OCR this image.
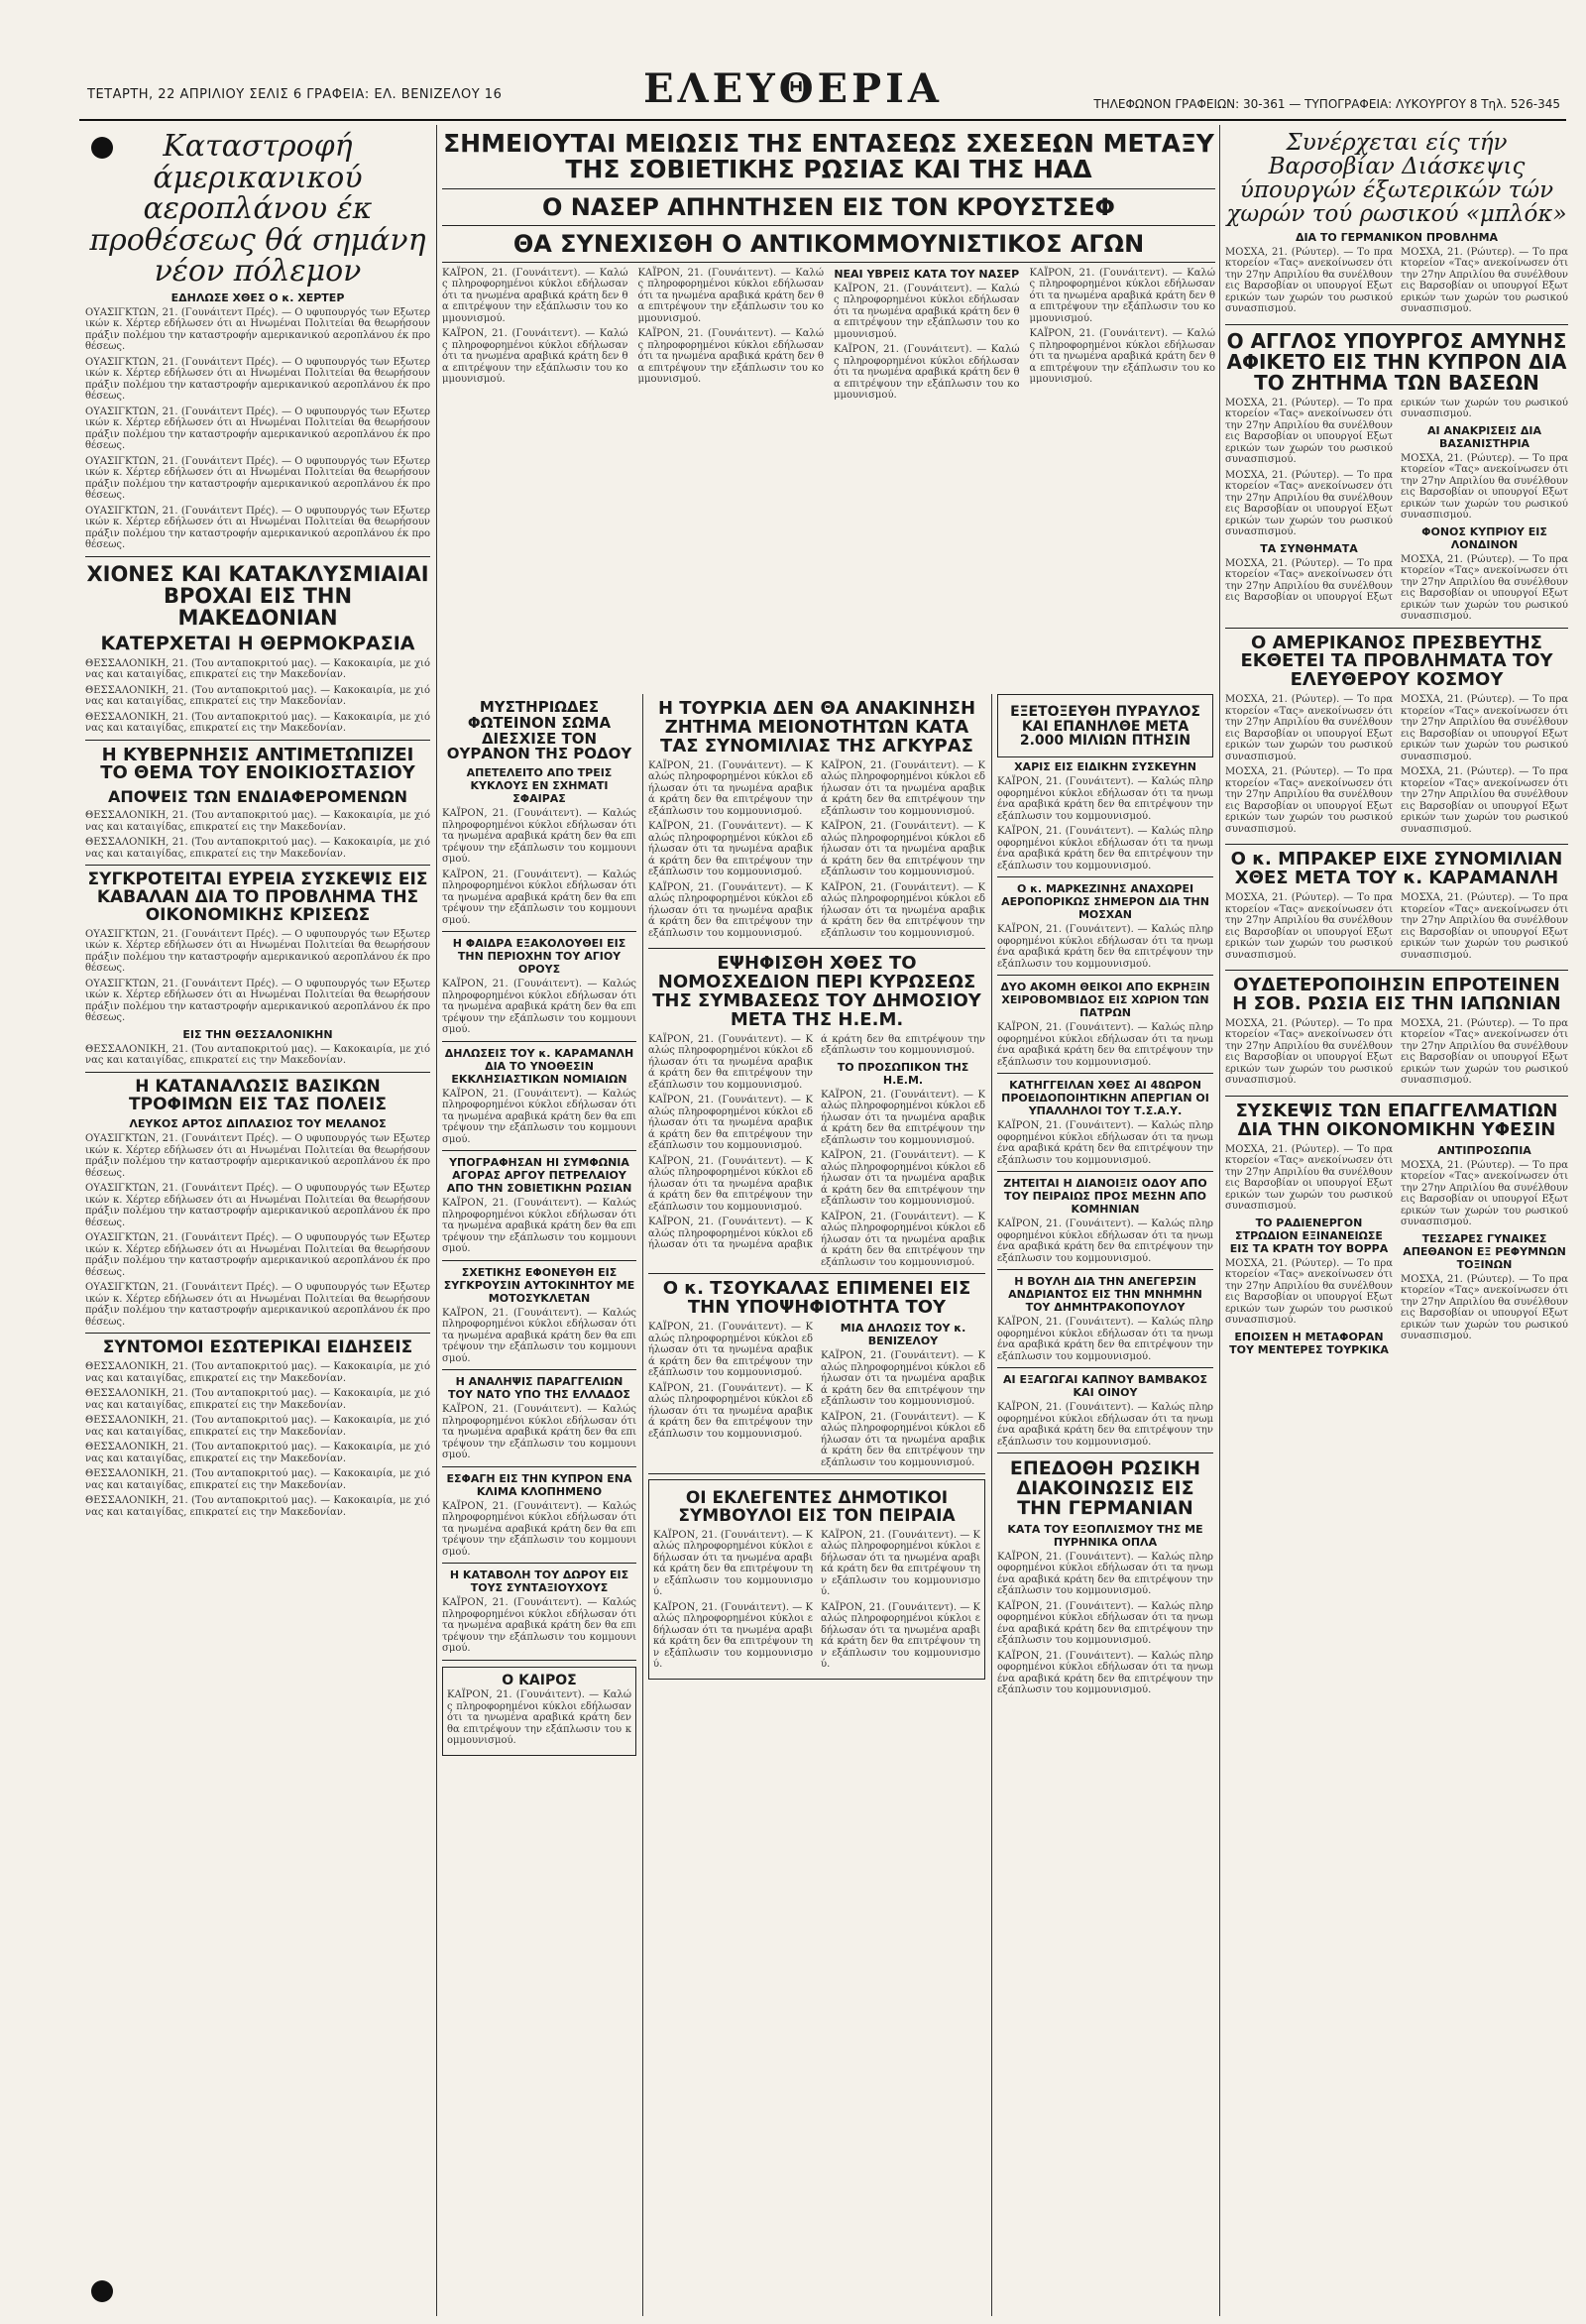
ΤΕΤΑΡΤΗ, 22 ΑΠΡΙΛΙΟΥ ΣΕΛΙΣ 6 ΓΡΑΦΕΙΑ: ΕΛ. ΒΕΝΙΖΕΛΟΥ 16	ΕΛΕΥΘΕΡΙΑ	ΤΗΛΕΦΩΝΟΝ ΓΡΑΦΕΙΩΝ: 30-361 — ΤΥΠΟΓΡΑΦΕΙΑ: ΛΥΚΟΥΡΓΟΥ 8 Τηλ. 526-345
Καταστροφή άμερικανικού αεροπλάνου έκ προθέσεως θά σημάνη νέον πόλεμον
ΕΔΗΛΩΣΕ ΧΘΕΣ Ο κ. ΧΕΡΤΕΡ

ΟΥΑΣΙΓΚΤΩΝ, 21. (Γουνάιτεντ Πρές). — Ο υφυπουργός των Εξωτερικών κ. Χέρτερ εδήλωσεν ότι αι Ηνωμέναι Πολιτείαι θα θεωρήσουν πράξιν πολέμου την καταστροφήν αμερικανικού αεροπλάνου έκ προθέσεως.

ΟΥΑΣΙΓΚΤΩΝ, 21. (Γουνάιτεντ Πρές). — Ο υφυπουργός των Εξωτερικών κ. Χέρτερ εδήλωσεν ότι αι Ηνωμέναι Πολιτείαι θα θεωρήσουν πράξιν πολέμου την καταστροφήν αμερικανικού αεροπλάνου έκ προθέσεως.

ΟΥΑΣΙΓΚΤΩΝ, 21. (Γουνάιτεντ Πρές). — Ο υφυπουργός των Εξωτερικών κ. Χέρτερ εδήλωσεν ότι αι Ηνωμέναι Πολιτείαι θα θεωρήσουν πράξιν πολέμου την καταστροφήν αμερικανικού αεροπλάνου έκ προθέσεως.

ΟΥΑΣΙΓΚΤΩΝ, 21. (Γουνάιτεντ Πρές). — Ο υφυπουργός των Εξωτερικών κ. Χέρτερ εδήλωσεν ότι αι Ηνωμέναι Πολιτείαι θα θεωρήσουν πράξιν πολέμου την καταστροφήν αμερικανικού αεροπλάνου έκ προθέσεως.

ΟΥΑΣΙΓΚΤΩΝ, 21. (Γουνάιτεντ Πρές). — Ο υφυπουργός των Εξωτερικών κ. Χέρτερ εδήλωσεν ότι αι Ηνωμέναι Πολιτείαι θα θεωρήσουν πράξιν πολέμου την καταστροφήν αμερικανικού αεροπλάνου έκ προθέσεως.

ΧΙΟΝΕΣ ΚΑΙ ΚΑΤΑΚΛΥΣΜΙΑΙΑΙ ΒΡΟΧΑΙ ΕΙΣ ΤΗΝ ΜΑΚΕΔΟΝΙΑΝ
ΚΑΤΕΡΧΕΤΑΙ Η ΘΕΡΜΟΚΡΑΣΙΑ

ΘΕΣΣΑΛΟΝΙΚΗ, 21. (Του ανταποκριτού μας). — Κακοκαιρία, με χιόνας και καταιγίδας, επικρατεί εις την Μακεδονίαν.

ΘΕΣΣΑΛΟΝΙΚΗ, 21. (Του ανταποκριτού μας). — Κακοκαιρία, με χιόνας και καταιγίδας, επικρατεί εις την Μακεδονίαν.

ΘΕΣΣΑΛΟΝΙΚΗ, 21. (Του ανταποκριτού μας). — Κακοκαιρία, με χιόνας και καταιγίδας, επικρατεί εις την Μακεδονίαν.

Η ΚΥΒΕΡΝΗΣΙΣ ΑΝΤΙΜΕΤΩΠΙΖΕΙ ΤΟ ΘΕΜΑ ΤΟΥ ΕΝΟΙΚΙΟΣΤΑΣΙΟΥ
ΑΠΟΨΕΙΣ ΤΩΝ ΕΝΔΙΑΦΕΡΟΜΕΝΩΝ

ΘΕΣΣΑΛΟΝΙΚΗ, 21. (Του ανταποκριτού μας). — Κακοκαιρία, με χιόνας και καταιγίδας, επικρατεί εις την Μακεδονίαν.

ΘΕΣΣΑΛΟΝΙΚΗ, 21. (Του ανταποκριτού μας). — Κακοκαιρία, με χιόνας και καταιγίδας, επικρατεί εις την Μακεδονίαν.

ΣΥΓΚΡΟΤΕΙΤΑΙ ΕΥΡΕΙΑ ΣΥΣΚΕΨΙΣ ΕΙΣ ΚΑΒΑΛΑΝ ΔΙΑ ΤΟ ΠΡΟΒΛΗΜΑ ΤΗΣ ΟΙΚΟΝΟΜΙΚΗΣ ΚΡΙΣΕΩΣ

ΟΥΑΣΙΓΚΤΩΝ, 21. (Γουνάιτεντ Πρές). — Ο υφυπουργός των Εξωτερικών κ. Χέρτερ εδήλωσεν ότι αι Ηνωμέναι Πολιτείαι θα θεωρήσουν πράξιν πολέμου την καταστροφήν αμερικανικού αεροπλάνου έκ προθέσεως.

ΟΥΑΣΙΓΚΤΩΝ, 21. (Γουνάιτεντ Πρές). — Ο υφυπουργός των Εξωτερικών κ. Χέρτερ εδήλωσεν ότι αι Ηνωμέναι Πολιτείαι θα θεωρήσουν πράξιν πολέμου την καταστροφήν αμερικανικού αεροπλάνου έκ προθέσεως.

ΕΙΣ ΤΗΝ ΘΕΣΣΑΛΟΝΙΚΗΝ

ΘΕΣΣΑΛΟΝΙΚΗ, 21. (Του ανταποκριτού μας). — Κακοκαιρία, με χιόνας και καταιγίδας, επικρατεί εις την Μακεδονίαν.

Η ΚΑΤΑΝΑΛΩΣΙΣ ΒΑΣΙΚΩΝ ΤΡΟΦΙΜΩΝ ΕΙΣ ΤΑΣ ΠΟΛΕΙΣ
ΛΕΥΚΟΣ ΑΡΤΟΣ ΔΙΠΛΑΣΙΟΣ ΤΟΥ ΜΕΛΑΝΟΣ

ΟΥΑΣΙΓΚΤΩΝ, 21. (Γουνάιτεντ Πρές). — Ο υφυπουργός των Εξωτερικών κ. Χέρτερ εδήλωσεν ότι αι Ηνωμέναι Πολιτείαι θα θεωρήσουν πράξιν πολέμου την καταστροφήν αμερικανικού αεροπλάνου έκ προθέσεως.

ΟΥΑΣΙΓΚΤΩΝ, 21. (Γουνάιτεντ Πρές). — Ο υφυπουργός των Εξωτερικών κ. Χέρτερ εδήλωσεν ότι αι Ηνωμέναι Πολιτείαι θα θεωρήσουν πράξιν πολέμου την καταστροφήν αμερικανικού αεροπλάνου έκ προθέσεως.

ΟΥΑΣΙΓΚΤΩΝ, 21. (Γουνάιτεντ Πρές). — Ο υφυπουργός των Εξωτερικών κ. Χέρτερ εδήλωσεν ότι αι Ηνωμέναι Πολιτείαι θα θεωρήσουν πράξιν πολέμου την καταστροφήν αμερικανικού αεροπλάνου έκ προθέσεως.

ΟΥΑΣΙΓΚΤΩΝ, 21. (Γουνάιτεντ Πρές). — Ο υφυπουργός των Εξωτερικών κ. Χέρτερ εδήλωσεν ότι αι Ηνωμέναι Πολιτείαι θα θεωρήσουν πράξιν πολέμου την καταστροφήν αμερικανικού αεροπλάνου έκ προθέσεως.

ΣΥΝΤΟΜΟΙ ΕΣΩΤΕΡΙΚΑΙ ΕΙΔΗΣΕΙΣ

ΘΕΣΣΑΛΟΝΙΚΗ, 21. (Του ανταποκριτού μας). — Κακοκαιρία, με χιόνας και καταιγίδας, επικρατεί εις την Μακεδονίαν.

ΘΕΣΣΑΛΟΝΙΚΗ, 21. (Του ανταποκριτού μας). — Κακοκαιρία, με χιόνας και καταιγίδας, επικρατεί εις την Μακεδονίαν.

ΘΕΣΣΑΛΟΝΙΚΗ, 21. (Του ανταποκριτού μας). — Κακοκαιρία, με χιόνας και καταιγίδας, επικρατεί εις την Μακεδονίαν.

ΘΕΣΣΑΛΟΝΙΚΗ, 21. (Του ανταποκριτού μας). — Κακοκαιρία, με χιόνας και καταιγίδας, επικρατεί εις την Μακεδονίαν.

ΘΕΣΣΑΛΟΝΙΚΗ, 21. (Του ανταποκριτού μας). — Κακοκαιρία, με χιόνας και καταιγίδας, επικρατεί εις την Μακεδονίαν.

ΘΕΣΣΑΛΟΝΙΚΗ, 21. (Του ανταποκριτού μας). — Κακοκαιρία, με χιόνας και καταιγίδας, επικρατεί εις την Μακεδονίαν.

ΣΗΜΕΙΟΥΤΑΙ ΜΕΙΩΣΙΣ ΤΗΣ ΕΝΤΑΣΕΩΣ ΣΧΕΣΕΩΝ ΜΕΤΑΞΥ ΤΗΣ ΣΟΒΙΕΤΙΚΗΣ ΡΩΣΙΑΣ ΚΑΙ ΤΗΣ ΗΑΔ
Ο ΝΑΣΕΡ ΑΠΗΝΤΗΣΕΝ ΕΙΣ ΤΟΝ ΚΡΟΥΣΤΣΕΦ
ΘΑ ΣΥΝΕΧΙΣΘΗ Ο ΑΝΤΙΚΟΜΜΟΥΝΙΣΤΙΚΟΣ ΑΓΩΝ

ΚΑΪΡΟΝ, 21. (Γουνάιτεντ). — Καλώς πληροφορημένοι κύκλοι εδήλωσαν ότι τα ηνωμένα αραβικά κράτη δεν θα επιτρέψουν την εξάπλωσιν του κομμουνισμού.

ΚΑΪΡΟΝ, 21. (Γουνάιτεντ). — Καλώς πληροφορημένοι κύκλοι εδήλωσαν ότι τα ηνωμένα αραβικά κράτη δεν θα επιτρέψουν την εξάπλωσιν του κομμουνισμού.

ΚΑΪΡΟΝ, 21. (Γουνάιτεντ). — Καλώς πληροφορημένοι κύκλοι εδήλωσαν ότι τα ηνωμένα αραβικά κράτη δεν θα επιτρέψουν την εξάπλωσιν του κομμουνισμού.

ΚΑΪΡΟΝ, 21. (Γουνάιτεντ). — Καλώς πληροφορημένοι κύκλοι εδήλωσαν ότι τα ηνωμένα αραβικά κράτη δεν θα επιτρέψουν την εξάπλωσιν του κομμουνισμού.

ΝΕΑΙ ΥΒΡΕΙΣ ΚΑΤΑ ΤΟΥ ΝΑΣΕΡ

ΚΑΪΡΟΝ, 21. (Γουνάιτεντ). — Καλώς πληροφορημένοι κύκλοι εδήλωσαν ότι τα ηνωμένα αραβικά κράτη δεν θα επιτρέψουν την εξάπλωσιν του κομμουνισμού.

ΚΑΪΡΟΝ, 21. (Γουνάιτεντ). — Καλώς πληροφορημένοι κύκλοι εδήλωσαν ότι τα ηνωμένα αραβικά κράτη δεν θα επιτρέψουν την εξάπλωσιν του κομμουνισμού.

ΚΑΪΡΟΝ, 21. (Γουνάιτεντ). — Καλώς πληροφορημένοι κύκλοι εδήλωσαν ότι τα ηνωμένα αραβικά κράτη δεν θα επιτρέψουν την εξάπλωσιν του κομμουνισμού.

ΚΑΪΡΟΝ, 21. (Γουνάιτεντ). — Καλώς πληροφορημένοι κύκλοι εδήλωσαν ότι τα ηνωμένα αραβικά κράτη δεν θα επιτρέψουν την εξάπλωσιν του κομμουνισμού.

ΜΥΣΤΗΡΙΩΔΕΣ ΦΩΤΕΙΝΟΝ ΣΩΜΑ ΔΙΕΣΧΙΣΕ ΤΟΝ ΟΥΡΑΝΟΝ ΤΗΣ ΡΟΔΟΥ
ΑΠΕΤΕΛΕΙΤΟ ΑΠΟ ΤΡΕΙΣ ΚΥΚΛΟΥΣ ΕΝ ΣΧΗΜΑΤΙ ΣΦΑΙΡΑΣ

ΚΑΪΡΟΝ, 21. (Γουνάιτεντ). — Καλώς πληροφορημένοι κύκλοι εδήλωσαν ότι τα ηνωμένα αραβικά κράτη δεν θα επιτρέψουν την εξάπλωσιν του κομμουνισμού.

ΚΑΪΡΟΝ, 21. (Γουνάιτεντ). — Καλώς πληροφορημένοι κύκλοι εδήλωσαν ότι τα ηνωμένα αραβικά κράτη δεν θα επιτρέψουν την εξάπλωσιν του κομμουνισμού.

Η ΦΑΙΔΡΑ ΕΞΑΚΟΛΟΥΘΕΙ ΕΙΣ ΤΗΝ ΠΕΡΙΟΧΗΝ ΤΟΥ ΑΓΙΟΥ ΟΡΟΥΣ

ΚΑΪΡΟΝ, 21. (Γουνάιτεντ). — Καλώς πληροφορημένοι κύκλοι εδήλωσαν ότι τα ηνωμένα αραβικά κράτη δεν θα επιτρέψουν την εξάπλωσιν του κομμουνισμού.

ΔΗΛΩΣΕΙΣ ΤΟΥ κ. ΚΑΡΑΜΑΝΛΗ ΔΙΑ ΤΟ ΥΝΟΘΕΣΙΝ ΕΚΚΛΗΣΙΑΣΤΙΚΩΝ ΝΟΜΙΑΙΩΝ

ΚΑΪΡΟΝ, 21. (Γουνάιτεντ). — Καλώς πληροφορημένοι κύκλοι εδήλωσαν ότι τα ηνωμένα αραβικά κράτη δεν θα επιτρέψουν την εξάπλωσιν του κομμουνισμού.

ΥΠΟΓΡΑΦΗΣΑΝ ΗΙ ΣΥΜΦΩΝΙΑ ΑΓΟΡΑΣ ΑΡΓΟΥ ΠΕΤΡΕΛΑΙΟΥ ΑΠΟ ΤΗΝ ΣΟΒΙΕΤΙΚΗΝ ΡΩΣΙΑΝ

ΚΑΪΡΟΝ, 21. (Γουνάιτεντ). — Καλώς πληροφορημένοι κύκλοι εδήλωσαν ότι τα ηνωμένα αραβικά κράτη δεν θα επιτρέψουν την εξάπλωσιν του κομμουνισμού.

ΣΧΕΤΙΚΗΣ ΕΦΟΝΕΥΘΗ ΕΙΣ ΣΥΓΚΡΟΥΣΙΝ ΑΥΤΟΚΙΝΗΤΟΥ ΜΕ ΜΟΤΟΣΥΚΛΕΤΑΝ

ΚΑΪΡΟΝ, 21. (Γουνάιτεντ). — Καλώς πληροφορημένοι κύκλοι εδήλωσαν ότι τα ηνωμένα αραβικά κράτη δεν θα επιτρέψουν την εξάπλωσιν του κομμουνισμού.

Η ΑΝΑΛΗΨΙΣ ΠΑΡΑΓΓΕΛΙΩΝ ΤΟΥ ΝΑΤΟ ΥΠΟ ΤΗΣ ΕΛΛΑΔΟΣ

ΚΑΪΡΟΝ, 21. (Γουνάιτεντ). — Καλώς πληροφορημένοι κύκλοι εδήλωσαν ότι τα ηνωμένα αραβικά κράτη δεν θα επιτρέψουν την εξάπλωσιν του κομμουνισμού.

ΕΣΦΑΓΗ ΕΙΣ ΤΗΝ ΚΥΠΡΟΝ ΕΝΑ ΚΛΙΜΑ ΚΛΟΠΗΜΕΝΟ

ΚΑΪΡΟΝ, 21. (Γουνάιτεντ). — Καλώς πληροφορημένοι κύκλοι εδήλωσαν ότι τα ηνωμένα αραβικά κράτη δεν θα επιτρέψουν την εξάπλωσιν του κομμουνισμού.

Η ΚΑΤΑΒΟΛΗ ΤΟΥ ΔΩΡΟΥ ΕΙΣ ΤΟΥΣ ΣΥΝΤΑΞΙΟΥΧΟΥΣ

ΚΑΪΡΟΝ, 21. (Γουνάιτεντ). — Καλώς πληροφορημένοι κύκλοι εδήλωσαν ότι τα ηνωμένα αραβικά κράτη δεν θα επιτρέψουν την εξάπλωσιν του κομμουνισμού.

Ο ΚΑΙΡΟΣ

ΚΑΪΡΟΝ, 21. (Γουνάιτεντ). — Καλώς πληροφορημένοι κύκλοι εδήλωσαν ότι τα ηνωμένα αραβικά κράτη δεν θα επιτρέψουν την εξάπλωσιν του κομμουνισμού.

Η ΤΟΥΡΚΙΑ ΔΕΝ ΘΑ ΑΝΑΚΙΝΗΣΗ ΖΗΤΗΜΑ ΜΕΙΟΝΟΤΗΤΩΝ ΚΑΤΑ ΤΑΣ ΣΥΝΟΜΙΛΙΑΣ ΤΗΣ ΑΓΚΥΡΑΣ

ΚΑΪΡΟΝ, 21. (Γουνάιτεντ). — Καλώς πληροφορημένοι κύκλοι εδήλωσαν ότι τα ηνωμένα αραβικά κράτη δεν θα επιτρέψουν την εξάπλωσιν του κομμουνισμού.

ΚΑΪΡΟΝ, 21. (Γουνάιτεντ). — Καλώς πληροφορημένοι κύκλοι εδήλωσαν ότι τα ηνωμένα αραβικά κράτη δεν θα επιτρέψουν την εξάπλωσιν του κομμουνισμού.

ΚΑΪΡΟΝ, 21. (Γουνάιτεντ). — Καλώς πληροφορημένοι κύκλοι εδήλωσαν ότι τα ηνωμένα αραβικά κράτη δεν θα επιτρέψουν την εξάπλωσιν του κομμουνισμού.

ΚΑΪΡΟΝ, 21. (Γουνάιτεντ). — Καλώς πληροφορημένοι κύκλοι εδήλωσαν ότι τα ηνωμένα αραβικά κράτη δεν θα επιτρέψουν την εξάπλωσιν του κομμουνισμού.

ΚΑΪΡΟΝ, 21. (Γουνάιτεντ). — Καλώς πληροφορημένοι κύκλοι εδήλωσαν ότι τα ηνωμένα αραβικά κράτη δεν θα επιτρέψουν την εξάπλωσιν του κομμουνισμού.

ΚΑΪΡΟΝ, 21. (Γουνάιτεντ). — Καλώς πληροφορημένοι κύκλοι εδήλωσαν ότι τα ηνωμένα αραβικά κράτη δεν θα επιτρέψουν την εξάπλωσιν του κομμουνισμού.

ΕΨΗΦΙΣΘΗ ΧΘΕΣ ΤΟ ΝΟΜΟΣΧΕΔΙΟΝ ΠΕΡΙ ΚΥΡΩΣΕΩΣ ΤΗΣ ΣΥΜΒΑΣΕΩΣ ΤΟΥ ΔΗΜΟΣΙΟΥ ΜΕΤΑ ΤΗΣ Η.Ε.Μ.

ΚΑΪΡΟΝ, 21. (Γουνάιτεντ). — Καλώς πληροφορημένοι κύκλοι εδήλωσαν ότι τα ηνωμένα αραβικά κράτη δεν θα επιτρέψουν την εξάπλωσιν του κομμουνισμού.

ΚΑΪΡΟΝ, 21. (Γουνάιτεντ). — Καλώς πληροφορημένοι κύκλοι εδήλωσαν ότι τα ηνωμένα αραβικά κράτη δεν θα επιτρέψουν την εξάπλωσιν του κομμουνισμού.

ΚΑΪΡΟΝ, 21. (Γουνάιτεντ). — Καλώς πληροφορημένοι κύκλοι εδήλωσαν ότι τα ηνωμένα αραβικά κράτη δεν θα επιτρέψουν την εξάπλωσιν του κομμουνισμού.

ΚΑΪΡΟΝ, 21. (Γουνάιτεντ). — Καλώς πληροφορημένοι κύκλοι εδήλωσαν ότι τα ηνωμένα αραβικά κράτη δεν θα επιτρέψουν την εξάπλωσιν του κομμουνισμού.

ΤΟ ΠΡΟΣΩΠΙΚΟΝ ΤΗΣ Η.Ε.Μ.

ΚΑΪΡΟΝ, 21. (Γουνάιτεντ). — Καλώς πληροφορημένοι κύκλοι εδήλωσαν ότι τα ηνωμένα αραβικά κράτη δεν θα επιτρέψουν την εξάπλωσιν του κομμουνισμού.

ΚΑΪΡΟΝ, 21. (Γουνάιτεντ). — Καλώς πληροφορημένοι κύκλοι εδήλωσαν ότι τα ηνωμένα αραβικά κράτη δεν θα επιτρέψουν την εξάπλωσιν του κομμουνισμού.

ΚΑΪΡΟΝ, 21. (Γουνάιτεντ). — Καλώς πληροφορημένοι κύκλοι εδήλωσαν ότι τα ηνωμένα αραβικά κράτη δεν θα επιτρέψουν την εξάπλωσιν του κομμουνισμού.

Ο κ. ΤΣΟΥΚΑΛΑΣ ΕΠΙΜΕΝΕΙ ΕΙΣ ΤΗΝ ΥΠΟΨΗΦΙΟΤΗΤΑ ΤΟΥ

ΚΑΪΡΟΝ, 21. (Γουνάιτεντ). — Καλώς πληροφορημένοι κύκλοι εδήλωσαν ότι τα ηνωμένα αραβικά κράτη δεν θα επιτρέψουν την εξάπλωσιν του κομμουνισμού.

ΚΑΪΡΟΝ, 21. (Γουνάιτεντ). — Καλώς πληροφορημένοι κύκλοι εδήλωσαν ότι τα ηνωμένα αραβικά κράτη δεν θα επιτρέψουν την εξάπλωσιν του κομμουνισμού.

ΜΙΑ ΔΗΛΩΣΙΣ ΤΟΥ κ. ΒΕΝΙΖΕΛΟΥ

ΚΑΪΡΟΝ, 21. (Γουνάιτεντ). — Καλώς πληροφορημένοι κύκλοι εδήλωσαν ότι τα ηνωμένα αραβικά κράτη δεν θα επιτρέψουν την εξάπλωσιν του κομμουνισμού.

ΚΑΪΡΟΝ, 21. (Γουνάιτεντ). — Καλώς πληροφορημένοι κύκλοι εδήλωσαν ότι τα ηνωμένα αραβικά κράτη δεν θα επιτρέψουν την εξάπλωσιν του κομμουνισμού.

ΟΙ ΕΚΛΕΓΕΝΤΕΣ ΔΗΜΟΤΙΚΟΙ ΣΥΜΒΟΥΛΟΙ ΕΙΣ ΤΟΝ ΠΕΙΡΑΙΑ

ΚΑΪΡΟΝ, 21. (Γουνάιτεντ). — Καλώς πληροφορημένοι κύκλοι εδήλωσαν ότι τα ηνωμένα αραβικά κράτη δεν θα επιτρέψουν την εξάπλωσιν του κομμουνισμού.

ΚΑΪΡΟΝ, 21. (Γουνάιτεντ). — Καλώς πληροφορημένοι κύκλοι εδήλωσαν ότι τα ηνωμένα αραβικά κράτη δεν θα επιτρέψουν την εξάπλωσιν του κομμουνισμού.

ΚΑΪΡΟΝ, 21. (Γουνάιτεντ). — Καλώς πληροφορημένοι κύκλοι εδήλωσαν ότι τα ηνωμένα αραβικά κράτη δεν θα επιτρέψουν την εξάπλωσιν του κομμουνισμού.

ΚΑΪΡΟΝ, 21. (Γουνάιτεντ). — Καλώς πληροφορημένοι κύκλοι εδήλωσαν ότι τα ηνωμένα αραβικά κράτη δεν θα επιτρέψουν την εξάπλωσιν του κομμουνισμού.

ΕΞΕΤΟΞΕΥΘΗ ΠΥΡΑΥΛΟΣ ΚΑΙ ΕΠΑΝΗΛΘΕ ΜΕΤΑ 2.000 ΜΙΛΙΩΝ ΠΤΗΣΙΝ
ΧΑΡΙΣ ΕΙΣ ΕΙΔΙΚΗΝ ΣΥΣΚΕΥΗΝ

ΚΑΪΡΟΝ, 21. (Γουνάιτεντ). — Καλώς πληροφορημένοι κύκλοι εδήλωσαν ότι τα ηνωμένα αραβικά κράτη δεν θα επιτρέψουν την εξάπλωσιν του κομμουνισμού.

ΚΑΪΡΟΝ, 21. (Γουνάιτεντ). — Καλώς πληροφορημένοι κύκλοι εδήλωσαν ότι τα ηνωμένα αραβικά κράτη δεν θα επιτρέψουν την εξάπλωσιν του κομμουνισμού.

Ο κ. ΜΑΡΚΕΖΙΝΗΣ ΑΝΑΧΩΡΕΙ ΑΕΡΟΠΟΡΙΚΩΣ ΣΗΜΕΡΟΝ ΔΙΑ ΤΗΝ ΜΟΣΧΑΝ

ΚΑΪΡΟΝ, 21. (Γουνάιτεντ). — Καλώς πληροφορημένοι κύκλοι εδήλωσαν ότι τα ηνωμένα αραβικά κράτη δεν θα επιτρέψουν την εξάπλωσιν του κομμουνισμού.

ΔΥΟ ΑΚΟΜΗ ΘΕΙΚΟΙ ΑΠΟ ΕΚΡΗΞΙΝ ΧΕΙΡΟΒΟΜΒΙΔΟΣ ΕΙΣ ΧΩΡΙΟΝ ΤΩΝ ΠΑΤΡΩΝ

ΚΑΪΡΟΝ, 21. (Γουνάιτεντ). — Καλώς πληροφορημένοι κύκλοι εδήλωσαν ότι τα ηνωμένα αραβικά κράτη δεν θα επιτρέψουν την εξάπλωσιν του κομμουνισμού.

ΚΑΤΗΓΓΕΙΛΑΝ ΧΘΕΣ ΑΙ 48ΩΡΟΝ ΠΡΟΕΙΔΟΠΟΙΗΤΙΚΗΝ ΑΠΕΡΓΙΑΝ ΟΙ ΥΠΑΛΛΗΛΟΙ ΤΟΥ Τ.Σ.Α.Υ.

ΚΑΪΡΟΝ, 21. (Γουνάιτεντ). — Καλώς πληροφορημένοι κύκλοι εδήλωσαν ότι τα ηνωμένα αραβικά κράτη δεν θα επιτρέψουν την εξάπλωσιν του κομμουνισμού.

ΖΗΤΕΙΤΑΙ Η ΔΙΑΝΟΙΞΙΣ ΟΔΟΥ ΑΠΟ ΤΟΥ ΠΕΙΡΑΙΩΣ ΠΡΟΣ ΜΕΣΗΝ ΑΠΟ ΚΟΜΗΝΙΑΝ

ΚΑΪΡΟΝ, 21. (Γουνάιτεντ). — Καλώς πληροφορημένοι κύκλοι εδήλωσαν ότι τα ηνωμένα αραβικά κράτη δεν θα επιτρέψουν την εξάπλωσιν του κομμουνισμού.

Η ΒΟΥΛΗ ΔΙΑ ΤΗΝ ΑΝΕΓΕΡΣΙΝ ΑΝΔΡΙΑΝΤΟΣ ΕΙΣ ΤΗΝ ΜΝΗΜΗΝ ΤΟΥ ΔΗΜΗΤΡΑΚΟΠΟΥΛΟΥ

ΚΑΪΡΟΝ, 21. (Γουνάιτεντ). — Καλώς πληροφορημένοι κύκλοι εδήλωσαν ότι τα ηνωμένα αραβικά κράτη δεν θα επιτρέψουν την εξάπλωσιν του κομμουνισμού.

ΑΙ ΕΞΑΓΩΓΑΙ ΚΑΠΝΟΥ ΒΑΜΒΑΚΟΣ ΚΑΙ ΟΙΝΟΥ

ΚΑΪΡΟΝ, 21. (Γουνάιτεντ). — Καλώς πληροφορημένοι κύκλοι εδήλωσαν ότι τα ηνωμένα αραβικά κράτη δεν θα επιτρέψουν την εξάπλωσιν του κομμουνισμού.

ΕΠΕΔΟΘΗ ΡΩΣΙΚΗ ΔΙΑΚΟΙΝΩΣΙΣ ΕΙΣ ΤΗΝ ΓΕΡΜΑΝΙΑΝ
ΚΑΤΑ ΤΟΥ ΕΞΟΠΛΙΣΜΟΥ ΤΗΣ ΜΕ ΠΥΡΗΝΙΚΑ ΟΠΛΑ

ΚΑΪΡΟΝ, 21. (Γουνάιτεντ). — Καλώς πληροφορημένοι κύκλοι εδήλωσαν ότι τα ηνωμένα αραβικά κράτη δεν θα επιτρέψουν την εξάπλωσιν του κομμουνισμού.

ΚΑΪΡΟΝ, 21. (Γουνάιτεντ). — Καλώς πληροφορημένοι κύκλοι εδήλωσαν ότι τα ηνωμένα αραβικά κράτη δεν θα επιτρέψουν την εξάπλωσιν του κομμουνισμού.

ΚΑΪΡΟΝ, 21. (Γουνάιτεντ). — Καλώς πληροφορημένοι κύκλοι εδήλωσαν ότι τα ηνωμένα αραβικά κράτη δεν θα επιτρέψουν την εξάπλωσιν του κομμουνισμού.

Συνέρχεται είς τήν Βαρσοβίαν Διάσκεψις ύπουργών έξωτερικών τών χωρών τού ρωσικού «μπλόκ»
ΔΙΑ ΤΟ ΓΕΡΜΑΝΙΚΟΝ ΠΡΟΒΛΗΜΑ

ΜΟΣΧΑ, 21. (Ρώυτερ). — Το πρακτορείον «Τας» ανεκοίνωσεν ότι την 27ην Απριλίου θα συνέλθουν εις Βαρσοβίαν οι υπουργοί Εξωτερικών των χωρών του ρωσικού συνασπισμού.

ΜΟΣΧΑ, 21. (Ρώυτερ). — Το πρακτορείον «Τας» ανεκοίνωσεν ότι την 27ην Απριλίου θα συνέλθουν εις Βαρσοβίαν οι υπουργοί Εξωτερικών των χωρών του ρωσικού συνασπισμού.

Ο ΑΓΓΛΟΣ ΥΠΟΥΡΓΟΣ ΑΜΥΝΗΣ ΑΦΙΚΕΤΟ ΕΙΣ ΤΗΝ ΚΥΠΡΟΝ ΔΙΑ ΤΟ ΖΗΤΗΜΑ ΤΩΝ ΒΑΣΕΩΝ

ΜΟΣΧΑ, 21. (Ρώυτερ). — Το πρακτορείον «Τας» ανεκοίνωσεν ότι την 27ην Απριλίου θα συνέλθουν εις Βαρσοβίαν οι υπουργοί Εξωτερικών των χωρών του ρωσικού συνασπισμού.

ΜΟΣΧΑ, 21. (Ρώυτερ). — Το πρακτορείον «Τας» ανεκοίνωσεν ότι την 27ην Απριλίου θα συνέλθουν εις Βαρσοβίαν οι υπουργοί Εξωτερικών των χωρών του ρωσικού συνασπισμού.

ΤΑ ΣΥΝΘΗΜΑΤΑ

ΜΟΣΧΑ, 21. (Ρώυτερ). — Το πρακτορείον «Τας» ανεκοίνωσεν ότι την 27ην Απριλίου θα συνέλθουν εις Βαρσοβίαν οι υπουργοί Εξωτερικών των χωρών του ρωσικού συνασπισμού.

ΑΙ ΑΝΑΚΡΙΣΕΙΣ ΔΙΑ ΒΑΣΑΝΙΣΤΗΡΙΑ

ΜΟΣΧΑ, 21. (Ρώυτερ). — Το πρακτορείον «Τας» ανεκοίνωσεν ότι την 27ην Απριλίου θα συνέλθουν εις Βαρσοβίαν οι υπουργοί Εξωτερικών των χωρών του ρωσικού συνασπισμού.

ΦΟΝΟΣ ΚΥΠΡΙΟΥ ΕΙΣ ΛΟΝΔΙΝΟΝ

ΜΟΣΧΑ, 21. (Ρώυτερ). — Το πρακτορείον «Τας» ανεκοίνωσεν ότι την 27ην Απριλίου θα συνέλθουν εις Βαρσοβίαν οι υπουργοί Εξωτερικών των χωρών του ρωσικού συνασπισμού.

Ο ΑΜΕΡΙΚΑΝΟΣ ΠΡΕΣΒΕΥΤΗΣ ΕΚΘΕΤΕΙ ΤΑ ΠΡΟΒΛΗΜΑΤΑ ΤΟΥ ΕΛΕΥΘΕΡΟΥ ΚΟΣΜΟΥ

ΜΟΣΧΑ, 21. (Ρώυτερ). — Το πρακτορείον «Τας» ανεκοίνωσεν ότι την 27ην Απριλίου θα συνέλθουν εις Βαρσοβίαν οι υπουργοί Εξωτερικών των χωρών του ρωσικού συνασπισμού.

ΜΟΣΧΑ, 21. (Ρώυτερ). — Το πρακτορείον «Τας» ανεκοίνωσεν ότι την 27ην Απριλίου θα συνέλθουν εις Βαρσοβίαν οι υπουργοί Εξωτερικών των χωρών του ρωσικού συνασπισμού.

ΜΟΣΧΑ, 21. (Ρώυτερ). — Το πρακτορείον «Τας» ανεκοίνωσεν ότι την 27ην Απριλίου θα συνέλθουν εις Βαρσοβίαν οι υπουργοί Εξωτερικών των χωρών του ρωσικού συνασπισμού.

ΜΟΣΧΑ, 21. (Ρώυτερ). — Το πρακτορείον «Τας» ανεκοίνωσεν ότι την 27ην Απριλίου θα συνέλθουν εις Βαρσοβίαν οι υπουργοί Εξωτερικών των χωρών του ρωσικού συνασπισμού.

Ο κ. ΜΠΡΑΚΕΡ ΕΙΧΕ ΣΥΝΟΜΙΛΙΑΝ ΧΘΕΣ ΜΕΤΑ ΤΟΥ κ. ΚΑΡΑΜΑΝΛΗ

ΜΟΣΧΑ, 21. (Ρώυτερ). — Το πρακτορείον «Τας» ανεκοίνωσεν ότι την 27ην Απριλίου θα συνέλθουν εις Βαρσοβίαν οι υπουργοί Εξωτερικών των χωρών του ρωσικού συνασπισμού.

ΜΟΣΧΑ, 21. (Ρώυτερ). — Το πρακτορείον «Τας» ανεκοίνωσεν ότι την 27ην Απριλίου θα συνέλθουν εις Βαρσοβίαν οι υπουργοί Εξωτερικών των χωρών του ρωσικού συνασπισμού.

ΟΥΔΕΤΕΡΟΠΟΙΗΣΙΝ ΕΠΡΟΤΕΙΝΕΝ Η ΣΟΒ. ΡΩΣΙΑ ΕΙΣ ΤΗΝ ΙΑΠΩΝΙΑΝ

ΜΟΣΧΑ, 21. (Ρώυτερ). — Το πρακτορείον «Τας» ανεκοίνωσεν ότι την 27ην Απριλίου θα συνέλθουν εις Βαρσοβίαν οι υπουργοί Εξωτερικών των χωρών του ρωσικού συνασπισμού.

ΜΟΣΧΑ, 21. (Ρώυτερ). — Το πρακτορείον «Τας» ανεκοίνωσεν ότι την 27ην Απριλίου θα συνέλθουν εις Βαρσοβίαν οι υπουργοί Εξωτερικών των χωρών του ρωσικού συνασπισμού.

ΣΥΣΚΕΨΙΣ ΤΩΝ ΕΠΑΓΓΕΛΜΑΤΙΩΝ ΔΙΑ ΤΗΝ ΟΙΚΟΝΟΜΙΚΗΝ ΥΦΕΣΙΝ

ΜΟΣΧΑ, 21. (Ρώυτερ). — Το πρακτορείον «Τας» ανεκοίνωσεν ότι την 27ην Απριλίου θα συνέλθουν εις Βαρσοβίαν οι υπουργοί Εξωτερικών των χωρών του ρωσικού συνασπισμού.

ΤΟ ΡΑΔΙΕΝΕΡΓΟΝ ΣΤΡΩΔΙΟΝ ΕΞΙΝΑΝΕΙΩΣΕ ΕΙΣ ΤΑ ΚΡΑΤΗ ΤΟΥ ΒΟΡΡΑ

ΜΟΣΧΑ, 21. (Ρώυτερ). — Το πρακτορείον «Τας» ανεκοίνωσεν ότι την 27ην Απριλίου θα συνέλθουν εις Βαρσοβίαν οι υπουργοί Εξωτερικών των χωρών του ρωσικού συνασπισμού.

ΕΠΟΙΣΕΝ Η ΜΕΤΑΦΟΡΑΝ ΤΟΥ ΜΕΝΤΕΡΕΣ ΤΟΥΡΚΙΚΑ ΑΝΤΙΠΡΟΣΩΠΙΑ

ΜΟΣΧΑ, 21. (Ρώυτερ). — Το πρακτορείον «Τας» ανεκοίνωσεν ότι την 27ην Απριλίου θα συνέλθουν εις Βαρσοβίαν οι υπουργοί Εξωτερικών των χωρών του ρωσικού συνασπισμού.

ΤΕΣΣΑΡΕΣ ΓΥΝΑΙΚΕΣ ΑΠΕΘΑΝΟΝ ΕΞ ΡΕΦΥΜΝΩΝ ΤΟΞΙΝΩΝ

ΜΟΣΧΑ, 21. (Ρώυτερ). — Το πρακτορείον «Τας» ανεκοίνωσεν ότι την 27ην Απριλίου θα συνέλθουν εις Βαρσοβίαν οι υπουργοί Εξωτερικών των χωρών του ρωσικού συνασπισμού.
